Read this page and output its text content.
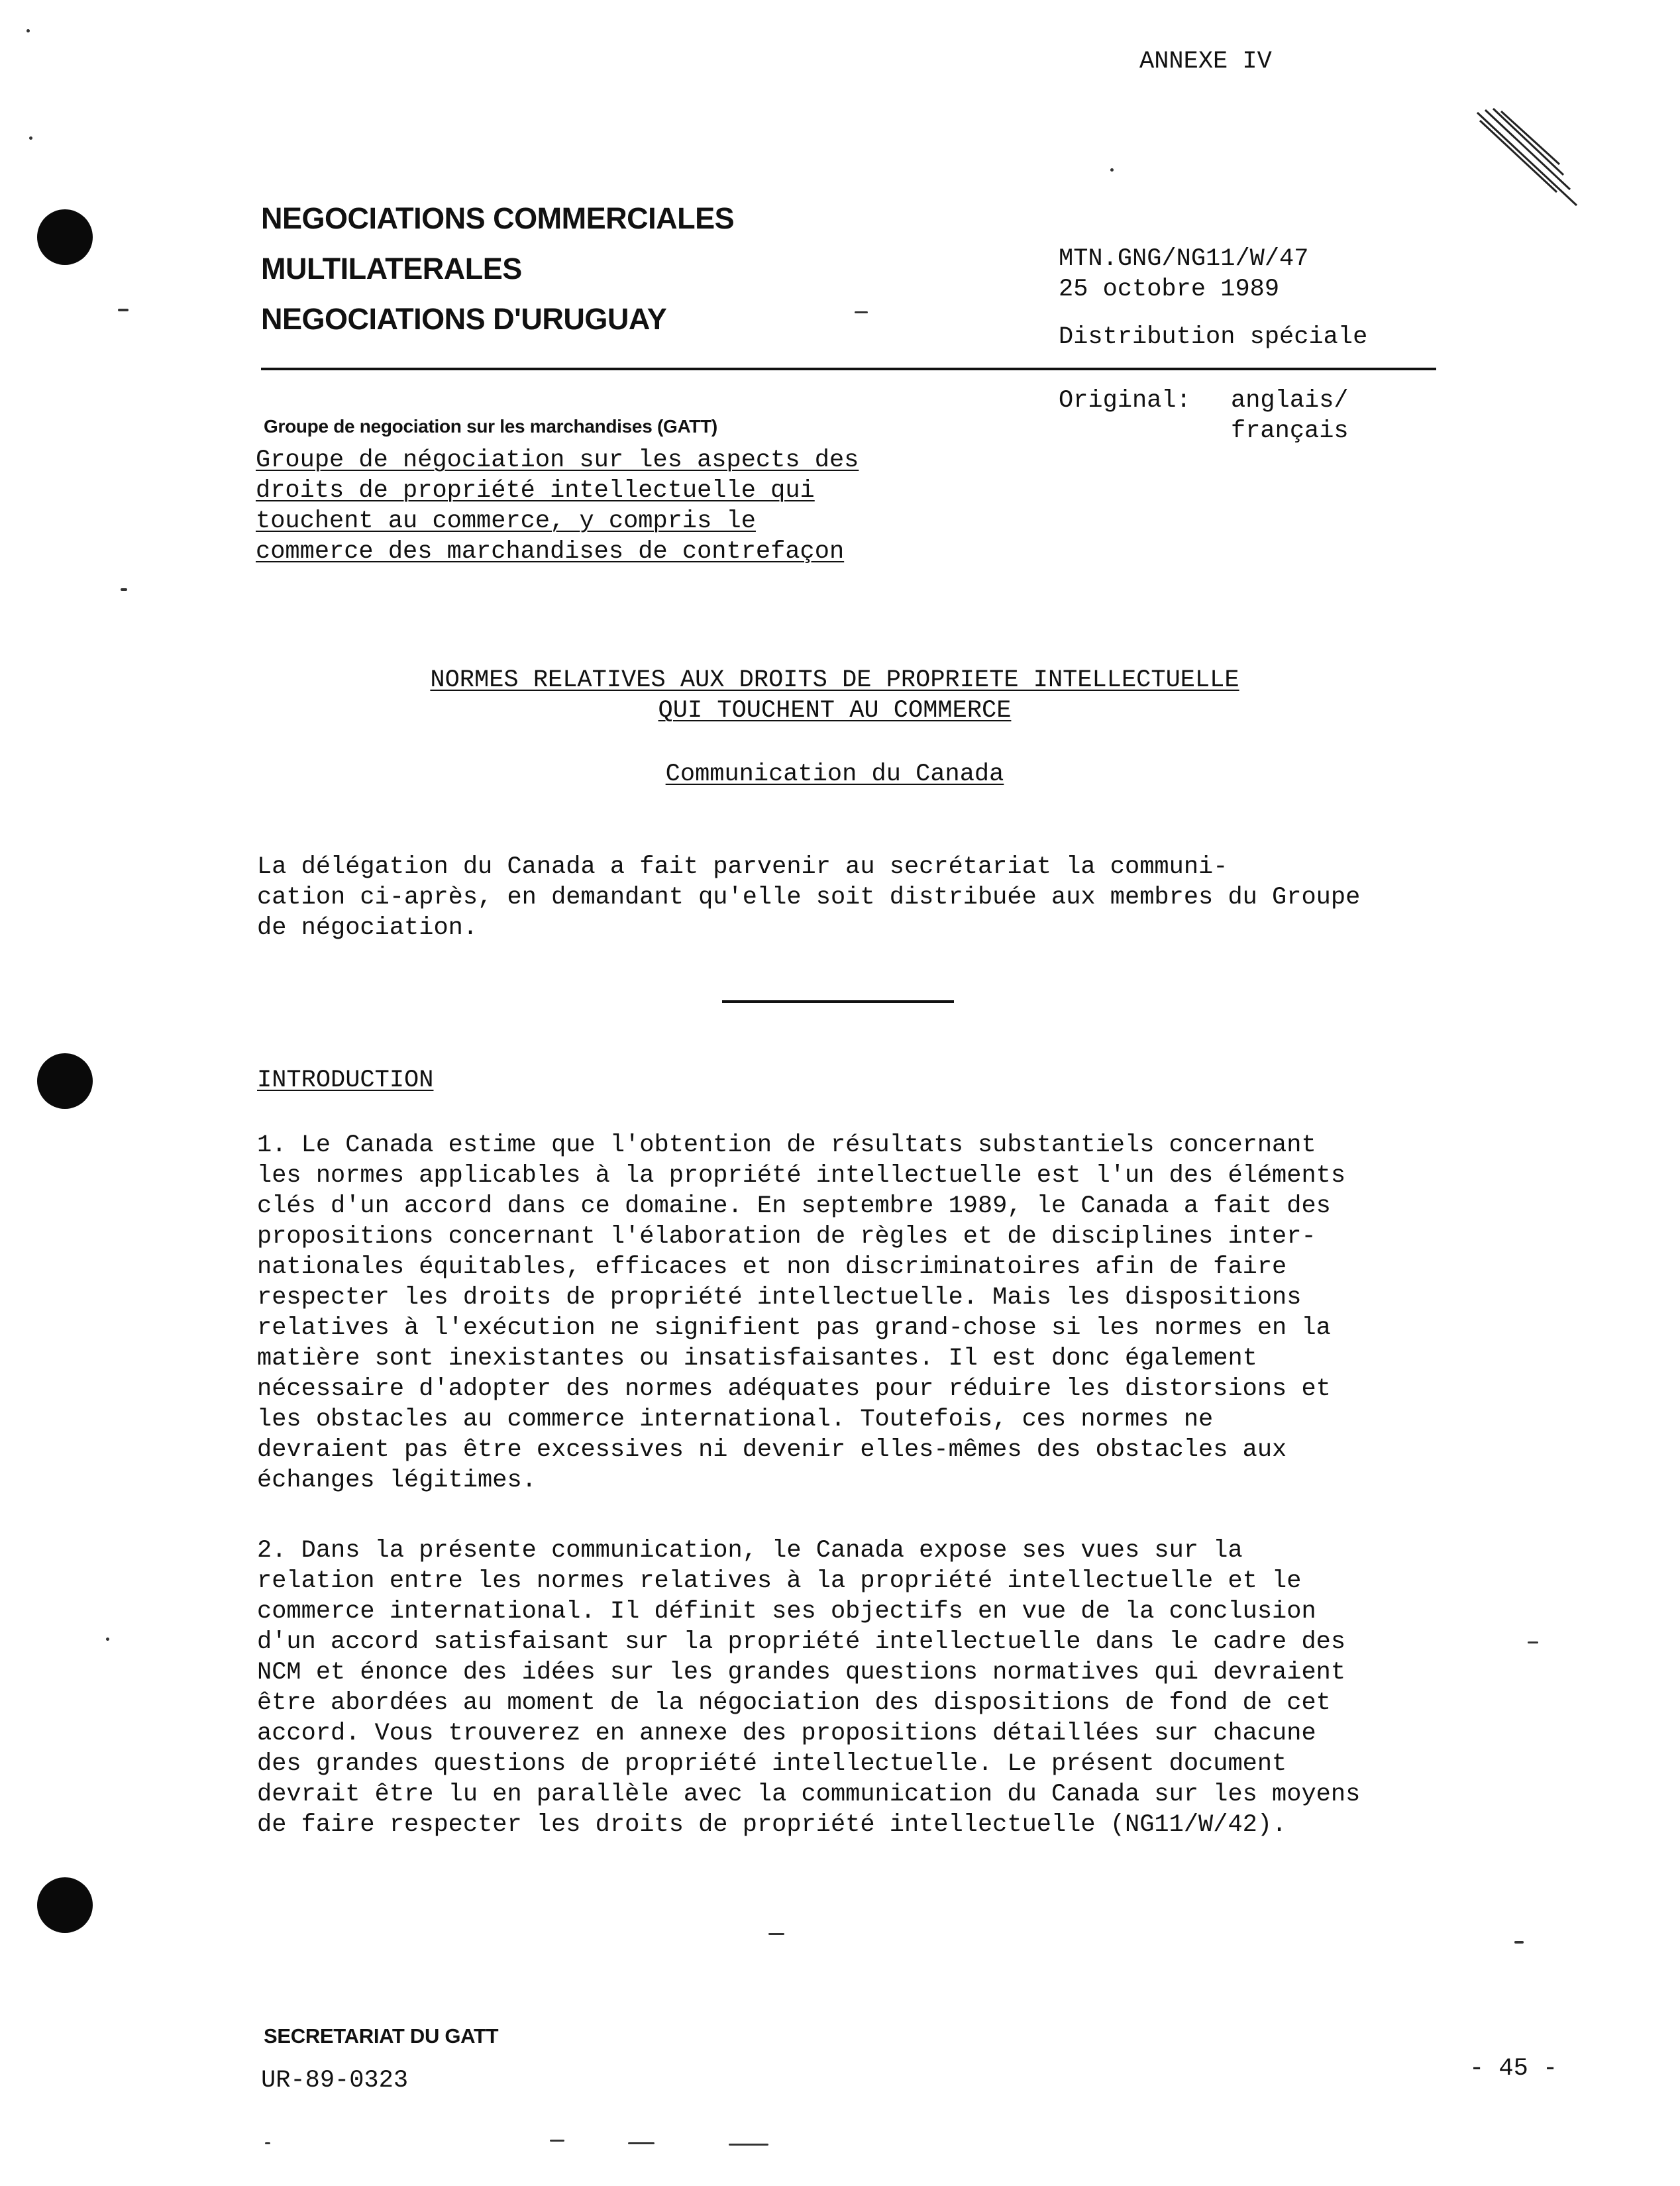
ANNEXE IV
NEGOCIATIONS COMMERCIALES
MULTILATERALES
NEGOCIATIONS D'URUGUAY
MTN.GNG/NG11/W/47
25 octobre 1989
Distribution spéciale
Original: anglais/
français
Groupe de negociation sur les marchandises (GATT)
Groupe de négociation sur les aspects des
droits de propriété intellectuelle qui
touchent au commerce, y compris le
commerce des marchandises de contrefaçon
NORMES RELATIVES AUX DROITS DE PROPRIETE INTELLECTUELLE
QUI TOUCHENT AU COMMERCE
Communication du Canada

La délégation du Canada a fait parvenir au secrétariat la communi-
cation ci-après, en demandant qu'elle soit distribuée aux membres du Groupe
de négociation.

INTRODUCTION

1. Le Canada estime que l'obtention de résultats substantiels concernant
les normes applicables à la propriété intellectuelle est l'un des éléments
clés d'un accord dans ce domaine. En septembre 1989, le Canada a fait des
propositions concernant l'élaboration de règles et de disciplines inter-
nationales équitables, efficaces et non discriminatoires afin de faire
respecter les droits de propriété intellectuelle. Mais les dispositions
relatives à l'exécution ne signifient pas grand-chose si les normes en la
matière sont inexistantes ou insatisfaisantes. Il est donc également
nécessaire d'adopter des normes adéquates pour réduire les distorsions et
les obstacles au commerce international. Toutefois, ces normes ne
devraient pas être excessives ni devenir elles-mêmes des obstacles aux
échanges légitimes.

2. Dans la présente communication, le Canada expose ses vues sur la
relation entre les normes relatives à la propriété intellectuelle et le
commerce international. Il définit ses objectifs en vue de la conclusion
d'un accord satisfaisant sur la propriété intellectuelle dans le cadre des
NCM et énonce des idées sur les grandes questions normatives qui devraient
être abordées au moment de la négociation des dispositions de fond de cet
accord. Vous trouverez en annexe des propositions détaillées sur chacune
des grandes questions de propriété intellectuelle. Le présent document
devrait être lu en parallèle avec la communication du Canada sur les moyens
de faire respecter les droits de propriété intellectuelle (NG11/W/42).

SECRETARIAT DU GATT
UR-89-0323	- 45 -
